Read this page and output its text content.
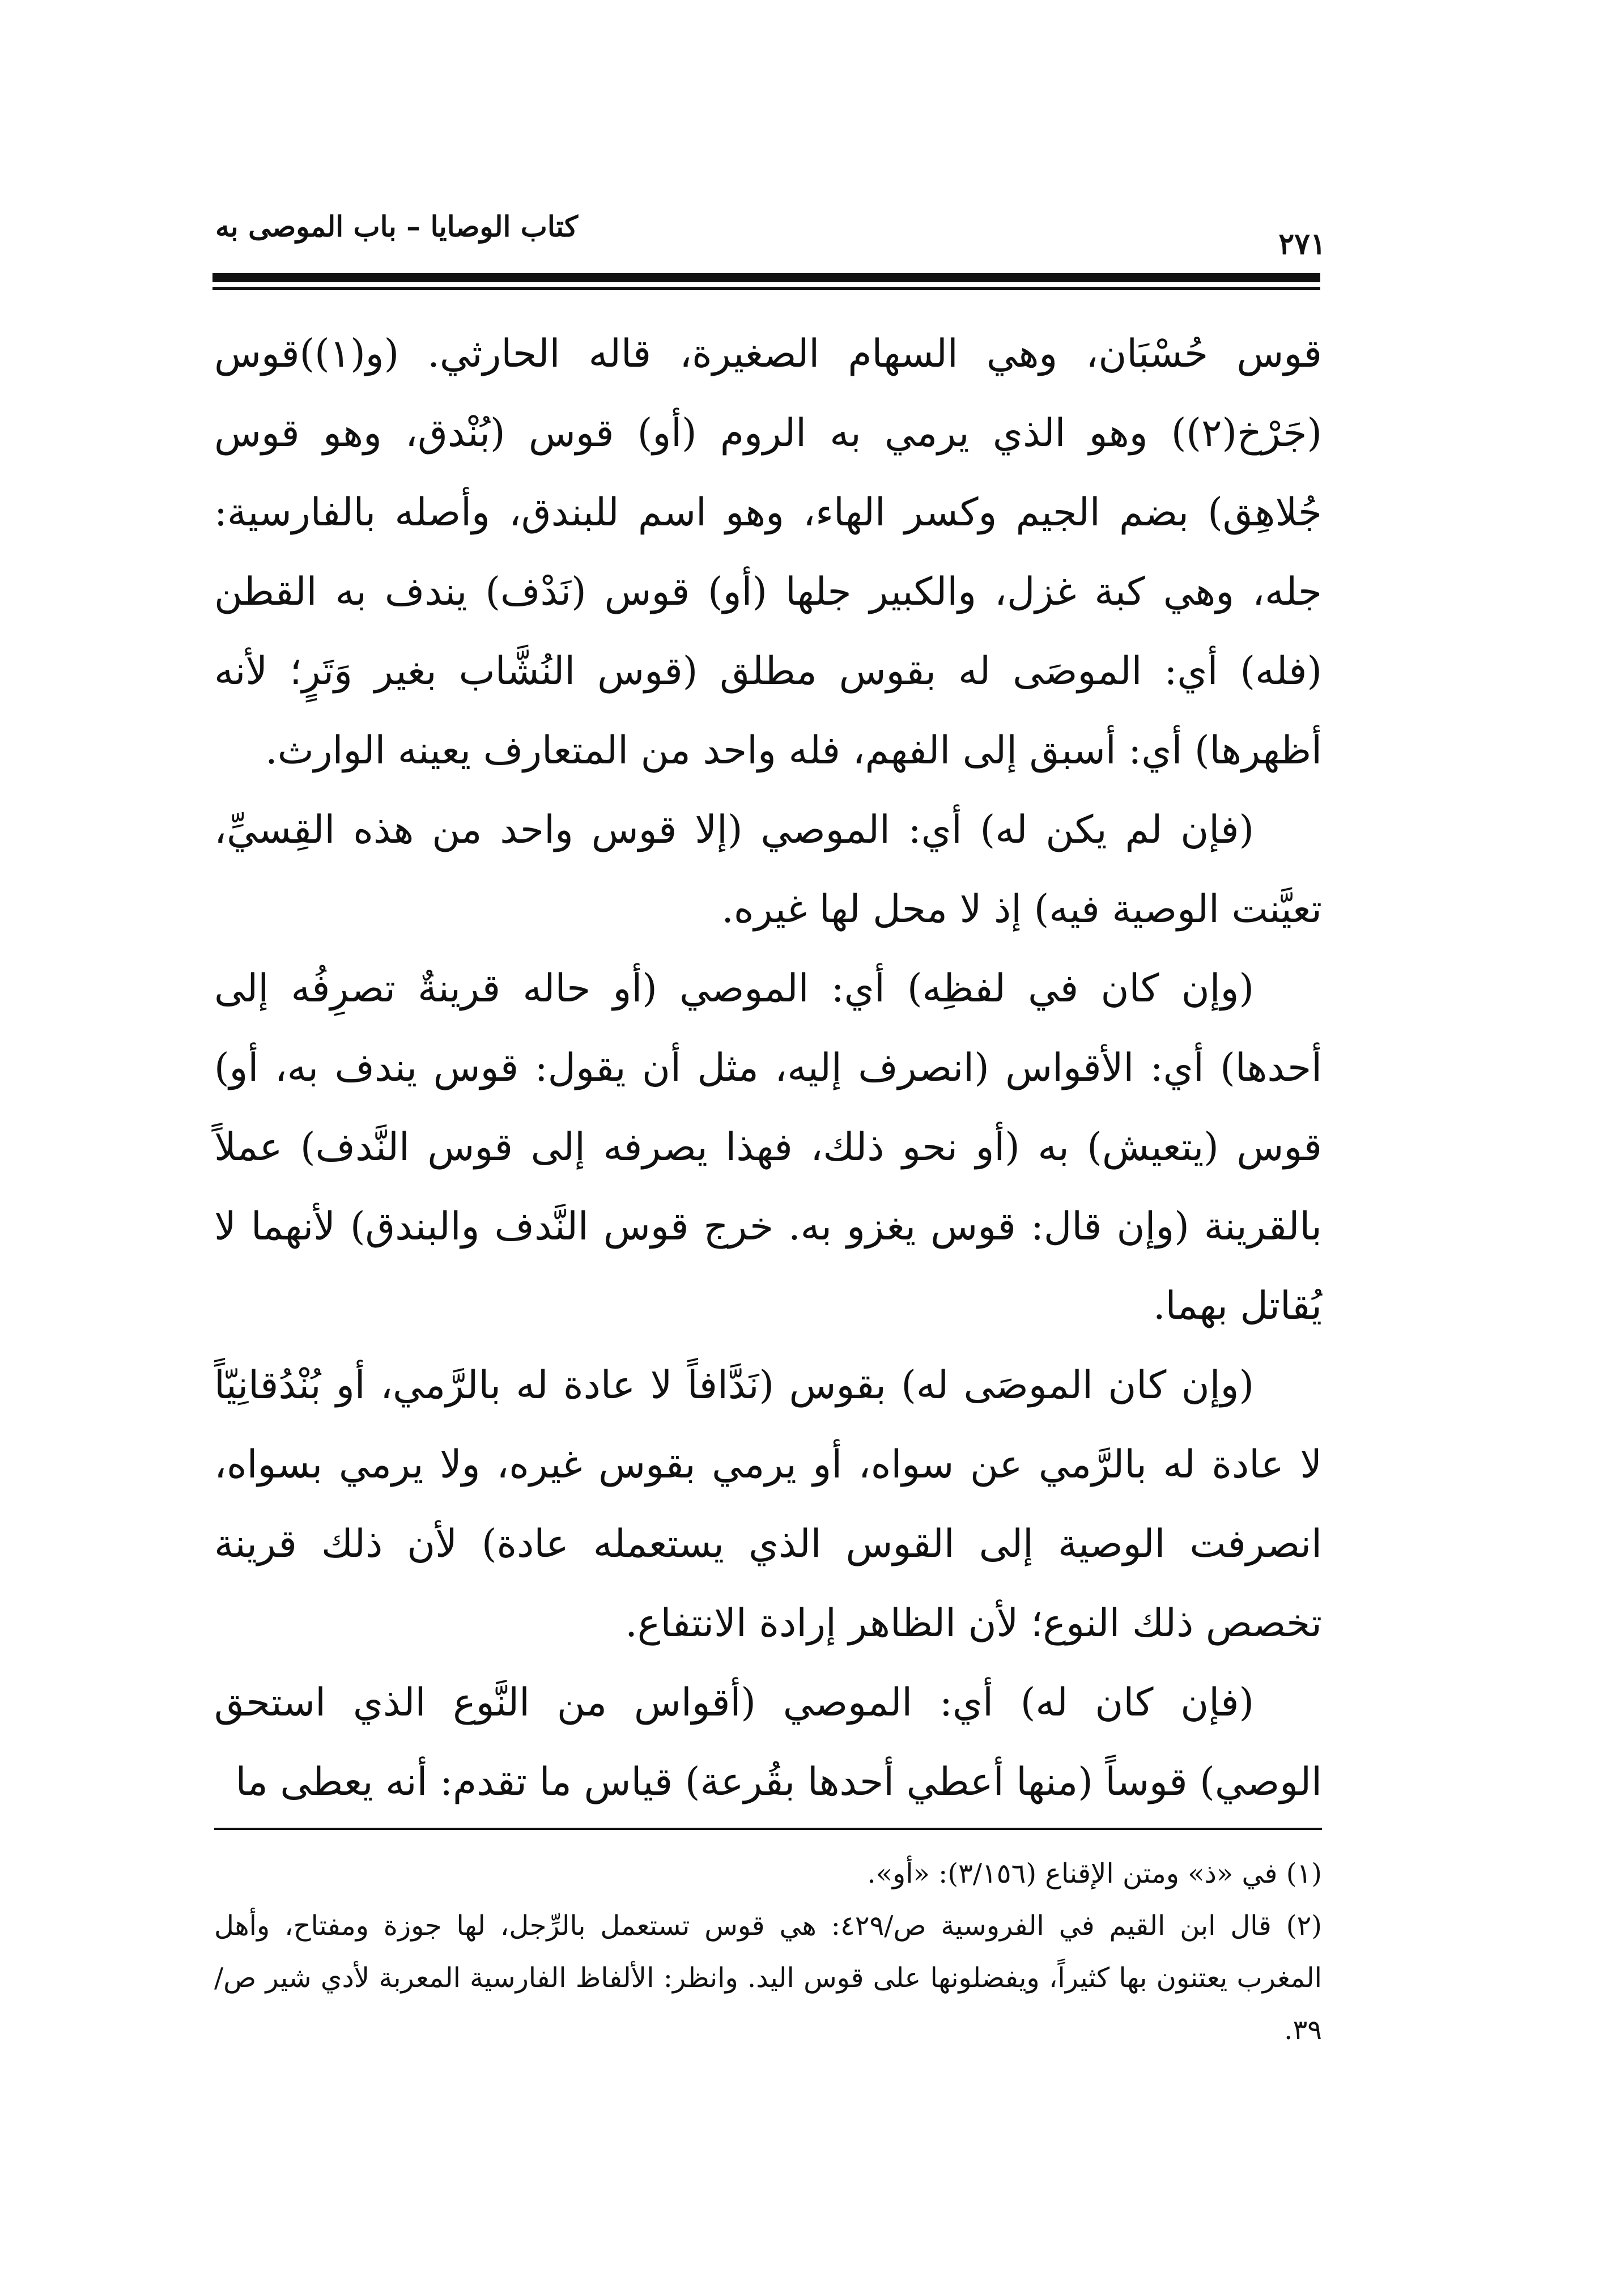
كتاب الوصايا – باب الموصى به
٢٧١

قوس حُسْبَان، وهي السهام الصغيرة، قاله الحارثي. (و(١))قوس (جَرْخ(٢)) وهو الذي يرمي به الروم (أو) قوس (بُنْدق، وهو قوس جُلاهِق) بضم الجيم وكسر الهاء، وهو اسم للبندق، وأصله بالفارسية: جله، وهي كبة غزل، والكبير جلها (أو) قوس (نَدْف) يندف به القطن (فله) أي: الموصَى له بقوس مطلق (قوس النُشَّاب بغير وَتَرٍ؛ لأنه أظهرها) أي: أسبق إلى الفهم، فله واحد من المتعارف يعينه الوارث.

(فإن لم يكن له) أي: الموصي (إلا قوس واحد من هذه القِسيِّ، تعيَّنت الوصية فيه) إذ لا محل لها غيره.

(وإن كان في لفظِه) أي: الموصي (أو حاله قرينةٌ تصرِفُه إلى أحدها) أي: الأقواس (انصرف إليه، مثل أن يقول: قوس يندف به، أو) قوس (يتعيش) به (أو نحو ذلك، فهذا يصرفه إلى قوس النَّدف) عملاً بالقرينة (وإن قال: قوس يغزو به. خرج قوس النَّدف والبندق) لأنهما لا يُقاتل بهما.

(وإن كان الموصَى له) بقوس (نَدَّافاً لا عادة له بالرَّمي، أو بُنْدُقانِيّاً لا عادة له بالرَّمي عن سواه، أو يرمي بقوس غيره، ولا يرمي بسواه، انصرفت الوصية إلى القوس الذي يستعمله عادة) لأن ذلك قرينة تخصص ذلك النوع؛ لأن الظاهر إرادة الانتفاع.

(فإن كان له) أي: الموصي (أقواس من النَّوع الذي استحق الوصي) قوساً (منها أعطي أحدها بقُرعة) قياس ما تقدم: أنه يعطى ما

(١) في «ذ» ومتن الإقناع (٣/١٥٦): «أو».

(٢) قال ابن القيم في الفروسية ص/٤٢٩: هي قوس تستعمل بالرِّجل، لها جوزة ومفتاح، وأهل المغرب يعتنون بها كثيراً، ويفضلونها على قوس اليد. وانظر: الألفاظ الفارسية المعربة لأدي شير ص/٣٩.
